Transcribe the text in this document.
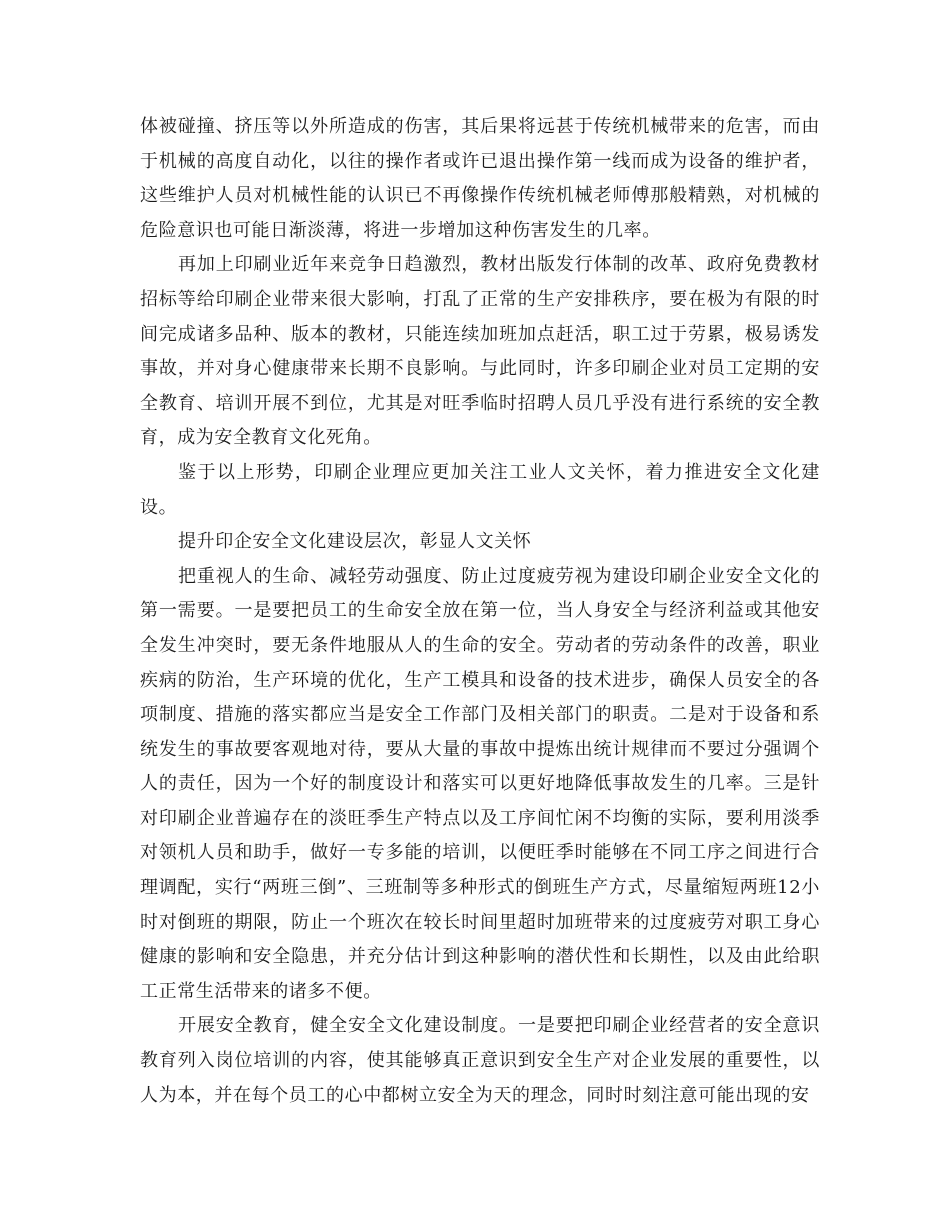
体被碰撞、挤压等以外所造成的伤害，其后果将远甚于传统机械带来的危害，而由于机械的高度自动化，以往的操作者或许已退出操作第一线而成为设备的维护者，这些维护人员对机械性能的认识已不再像操作传统机械老师傅那般精熟，对机械的危险意识也可能日渐淡薄，将进一步增加这种伤害发生的几率。

再加上印刷业近年来竞争日趋激烈，教材出版发行体制的改革、政府免费教材招标等给印刷企业带来很大影响，打乱了正常的生产安排秩序，要在极为有限的时间完成诸多品种、版本的教材，只能连续加班加点赶活，职工过于劳累，极易诱发事故，并对身心健康带来长期不良影响。与此同时，许多印刷企业对员工定期的安全教育、培训开展不到位，尤其是对旺季临时招聘人员几乎没有进行系统的安全教育，成为安全教育文化死角。

鉴于以上形势，印刷企业理应更加关注工业人文关怀，着力推进安全文化建设。

提升印企安全文化建设层次，彰显人文关怀

把重视人的生命、减轻劳动强度、防止过度疲劳视为建设印刷企业安全文化的第一需要。一是要把员工的生命安全放在第一位，当人身安全与经济利益或其他安全发生冲突时，要无条件地服从人的生命的安全。劳动者的劳动条件的改善，职业疾病的防治，生产环境的优化，生产工模具和设备的技术进步，确保人员安全的各项制度、措施的落实都应当是安全工作部门及相关部门的职责。二是对于设备和系统发生的事故要客观地对待，要从大量的事故中提炼出统计规律而不要过分强调个人的责任，因为一个好的制度设计和落实可以更好地降低事故发生的几率。三是针对印刷企业普遍存在的淡旺季生产特点以及工序间忙闲不均衡的实际，要利用淡季对领机人员和助手，做好一专多能的培训，以便旺季时能够在不同工序之间进行合理调配，实行“两班三倒”、三班制等多种形式的倒班生产方式，尽量缩短两班12小时对倒班的期限，防止一个班次在较长时间里超时加班带来的过度疲劳对职工身心健康的影响和安全隐患，并充分估计到这种影响的潜伏性和长期性，以及由此给职工正常生活带来的诸多不便。

开展安全教育，健全安全文化建设制度。一是要把印刷企业经营者的安全意识教育列入岗位培训的内容，使其能够真正意识到安全生产对企业发展的重要性，以人为本，并在每个员工的心中都树立安全为天的理念，同时时刻注意可能出现的安
